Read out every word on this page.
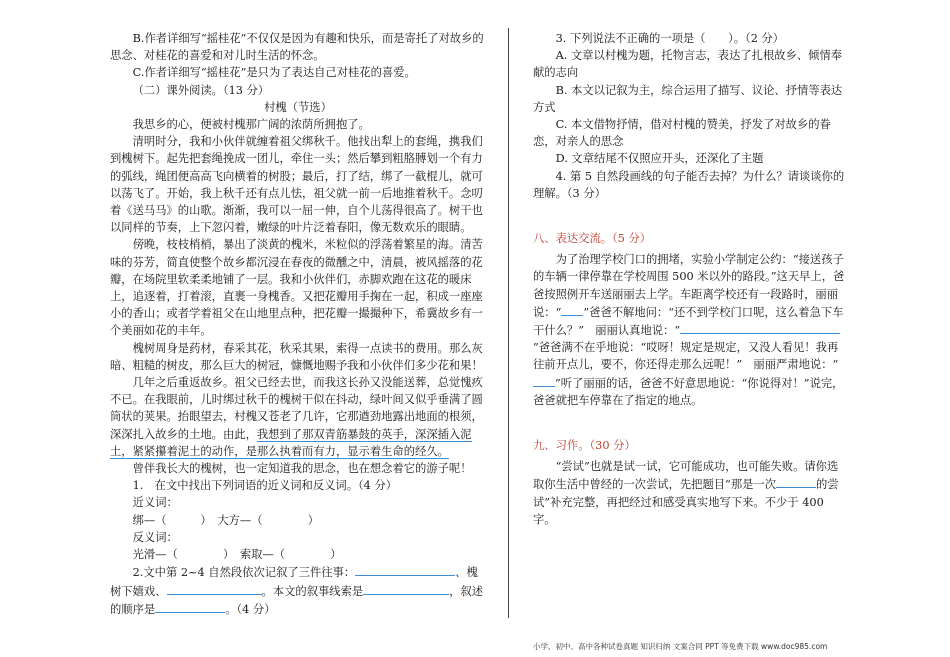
B.作者详细写“摇桂花”不仅仅是因为有趣和快乐，而是寄托了对故乡的思念、对桂花的喜爱和对儿时生活的怀念。

C.作者详细写“摇桂花”是只为了表达自己对桂花的喜爱。

（二）课外阅读。（13 分）

村槐（节选）

我思乡的心，便被村槐那广阔的浓荫所拥抱了。

清明时分，我和小伙伴就缠着祖父绑秋千。他找出犁上的套绳，携我们到槐树下。起先把套绳挽成一团儿，牵住一头；然后攀到粗胳膊划一个有力的弧线，绳团便高高飞向横着的树股；最后，打了结，绑了一截棍儿，就可以荡飞了。开始，我上秋千还有点儿怯，祖父就一前一后地推着秋千。念叨着《送马马》的山歌。渐渐，我可以一屈一伸，自个儿荡得很高了。树干也以同样的节奏，上下忽闪着，嫩绿的叶片泛着春阳，像无数欢乐的眼睛。

傍晚，枝枝梢梢，暴出了淡黄的槐米，米粒似的浮荡着繁星的海。清苦味的芬芳，简直使整个故乡都沉浸在春夜的微醺之中，清晨，被风摇落的花瓣，在场院里软柔柔地铺了一层。我和小伙伴们，赤脚欢跑在这花的暖床上，追逐着，打着滚，直裹一身槐香。又把花瓣用手掬在一起，积成一座座小的香山；或者学着祖父在山地里点种，把花瓣一撮撮种下，希冀故乡有一个美丽如花的丰年。

槐树周身是药材，春采其花，秋采其果，索得一点读书的费用。那么灰暗、粗糙的树皮，那么巨大的树冠，慷慨地赐予我和小伙伴们多少花和果！

几年之后重返故乡。祖父已经去世，而我这长孙又没能送葬，总觉愧疚不已。在我眼前，儿时绑过秋千的槐树干似在抖动，绿叶间又似乎垂满了圆筒状的荚果。抬眼望去，村槐又苍老了几许，它那遒劲地露出地面的根须，深深扎入故乡的土地。由此，我想到了那双青筋暴鼓的英手，深深插入泥土，紧紧攥着泥土的动作，是那么执着而有力，显示着生命的经久。

曾伴我长大的槐树，也一定知道我的思念，也在想念着它的游子呢！

1.　在文中找出下列词语的近义词和反义词。（4 分）

近义词：

绑—（　　　）　大方—（　　　　）

反义词：

光滑—（　　　　）　索取—（　　　　）

2.文中第 2~4 自然段依次记叙了三件往事：	、槐树下嬉戏、	。本文的叙事线索是	，叙述的顺序是	。（4 分）

3. 下列说法不正确的一项是（　　）。（2 分）

A. 文章以村槐为题，托物言志，表达了扎根故乡、倾情奉献的志向

B. 本文以记叙为主，综合运用了描写、议论、抒情等表达方式

C. 本文借物抒情，借对村槐的赞美，抒发了对故乡的眷恋，对亲人的思念

D. 文章结尾不仅照应开头，还深化了主题

4. 第 5 自然段画线的句子能否去掉？为什么？请谈谈你的理解。（3 分）

八、表达交流。（5 分）

为了治理学校门口的拥堵，实验小学制定公约：“接送孩子的车辆一律停靠在学校周围 500 米以外的路段。”这天早上，爸爸按照例开车送丽丽去上学。车距离学校还有一段路时，丽丽说：“ ”爸爸不解地问：“还不到学校门口呢，这么着急下车干什么？”　丽丽认真地说：“”爸爸满不在乎地说：“哎呀！规定是规定，又没人看见！我再往前开点儿，要不，你还得走那么远呢！”　丽丽严肃地说：“”听了丽丽的话，爸爸不好意思地说：“你说得对！”说完，爸爸就把车停靠在了指定的地点。

九、习作。（30 分）

“尝试”也就是试一试，它可能成功，也可能失败。请你选取你生活中曾经的一次尝试，先把题目“那是一次	的尝试”补充完整，再把经过和感受真实地写下来。不少于 400 字。

小学、初中、高中各种试卷真题 知识归纳 文案合同 PPT 等免费下载 www.doc985.com
